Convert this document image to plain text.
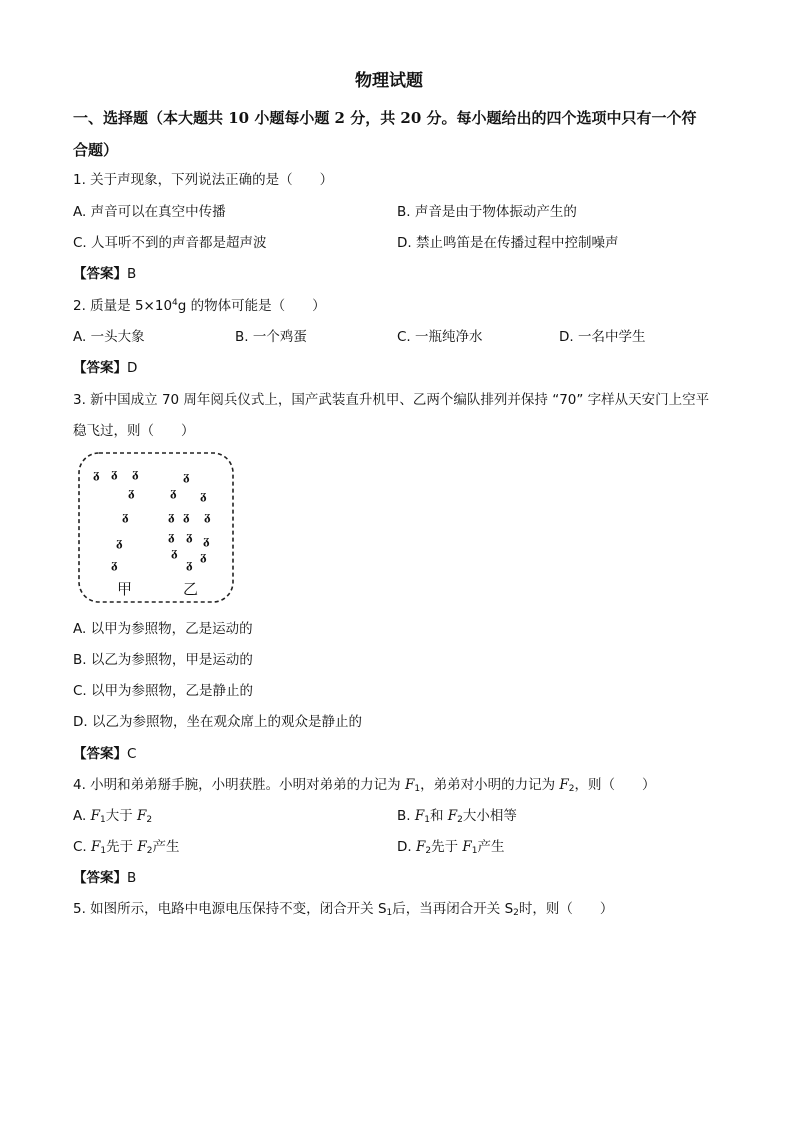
物理试题
一、选择题（本大题共 10 小题每小题 2 分，共 20 分。每小题给出的四个选项中只有一个符
合题）
1. 关于声现象，下列说法正确的是（　　）
A. 声音可以在真空中传播	B. 声音是由于物体振动产生的
C. 人耳听不到的声音都是超声波	D. 禁止鸣笛是在传播过程中控制噪声
【答案】B
2. 质量是 $5\times 10^4g$ 的物体可能是（　　）
A. 一头大象	B. 一个鸡蛋	C. 一瓶纯净水	D. 一名中学生
【答案】D
3. 新中国成立 70 周年阅兵仪式上，国产武装直升机甲、乙两个编队排列并保持 “70” 字样从天安门上空平
稳飞过，则（　　）
ᵹ ᵹ ᵹ
ᵹ
ᵹ
ᵹ
ᵹ
ᵹ
ᵹ ᵹ
ᵹ ᵹ ᵹ
ᵹ ᵹ ᵹ
ᵹ ᵹ
ᵹ
甲	乙
A. 以甲为参照物，乙是运动的
B. 以乙为参照物，甲是运动的
C. 以甲为参照物，乙是静止的
D. 以乙为参照物，坐在观众席上的观众是静止的
【答案】C
4. 小明和弟弟掰手腕，小明获胜。小明对弟弟的力记为 $F_1$，弟弟对小明的力记为 $F_2$，则（　　）
A. $F_1$大于 $F_2$	B. $F_1$和 $F_2$大小相等
C. $F_1$先于 $F_2$产生	D. $F_2$先于 $F_1$产生
【答案】B
5. 如图所示，电路中电源电压保持不变，闭合开关 $S_1$后，当再闭合开关 $S_2$时，则（　　）
